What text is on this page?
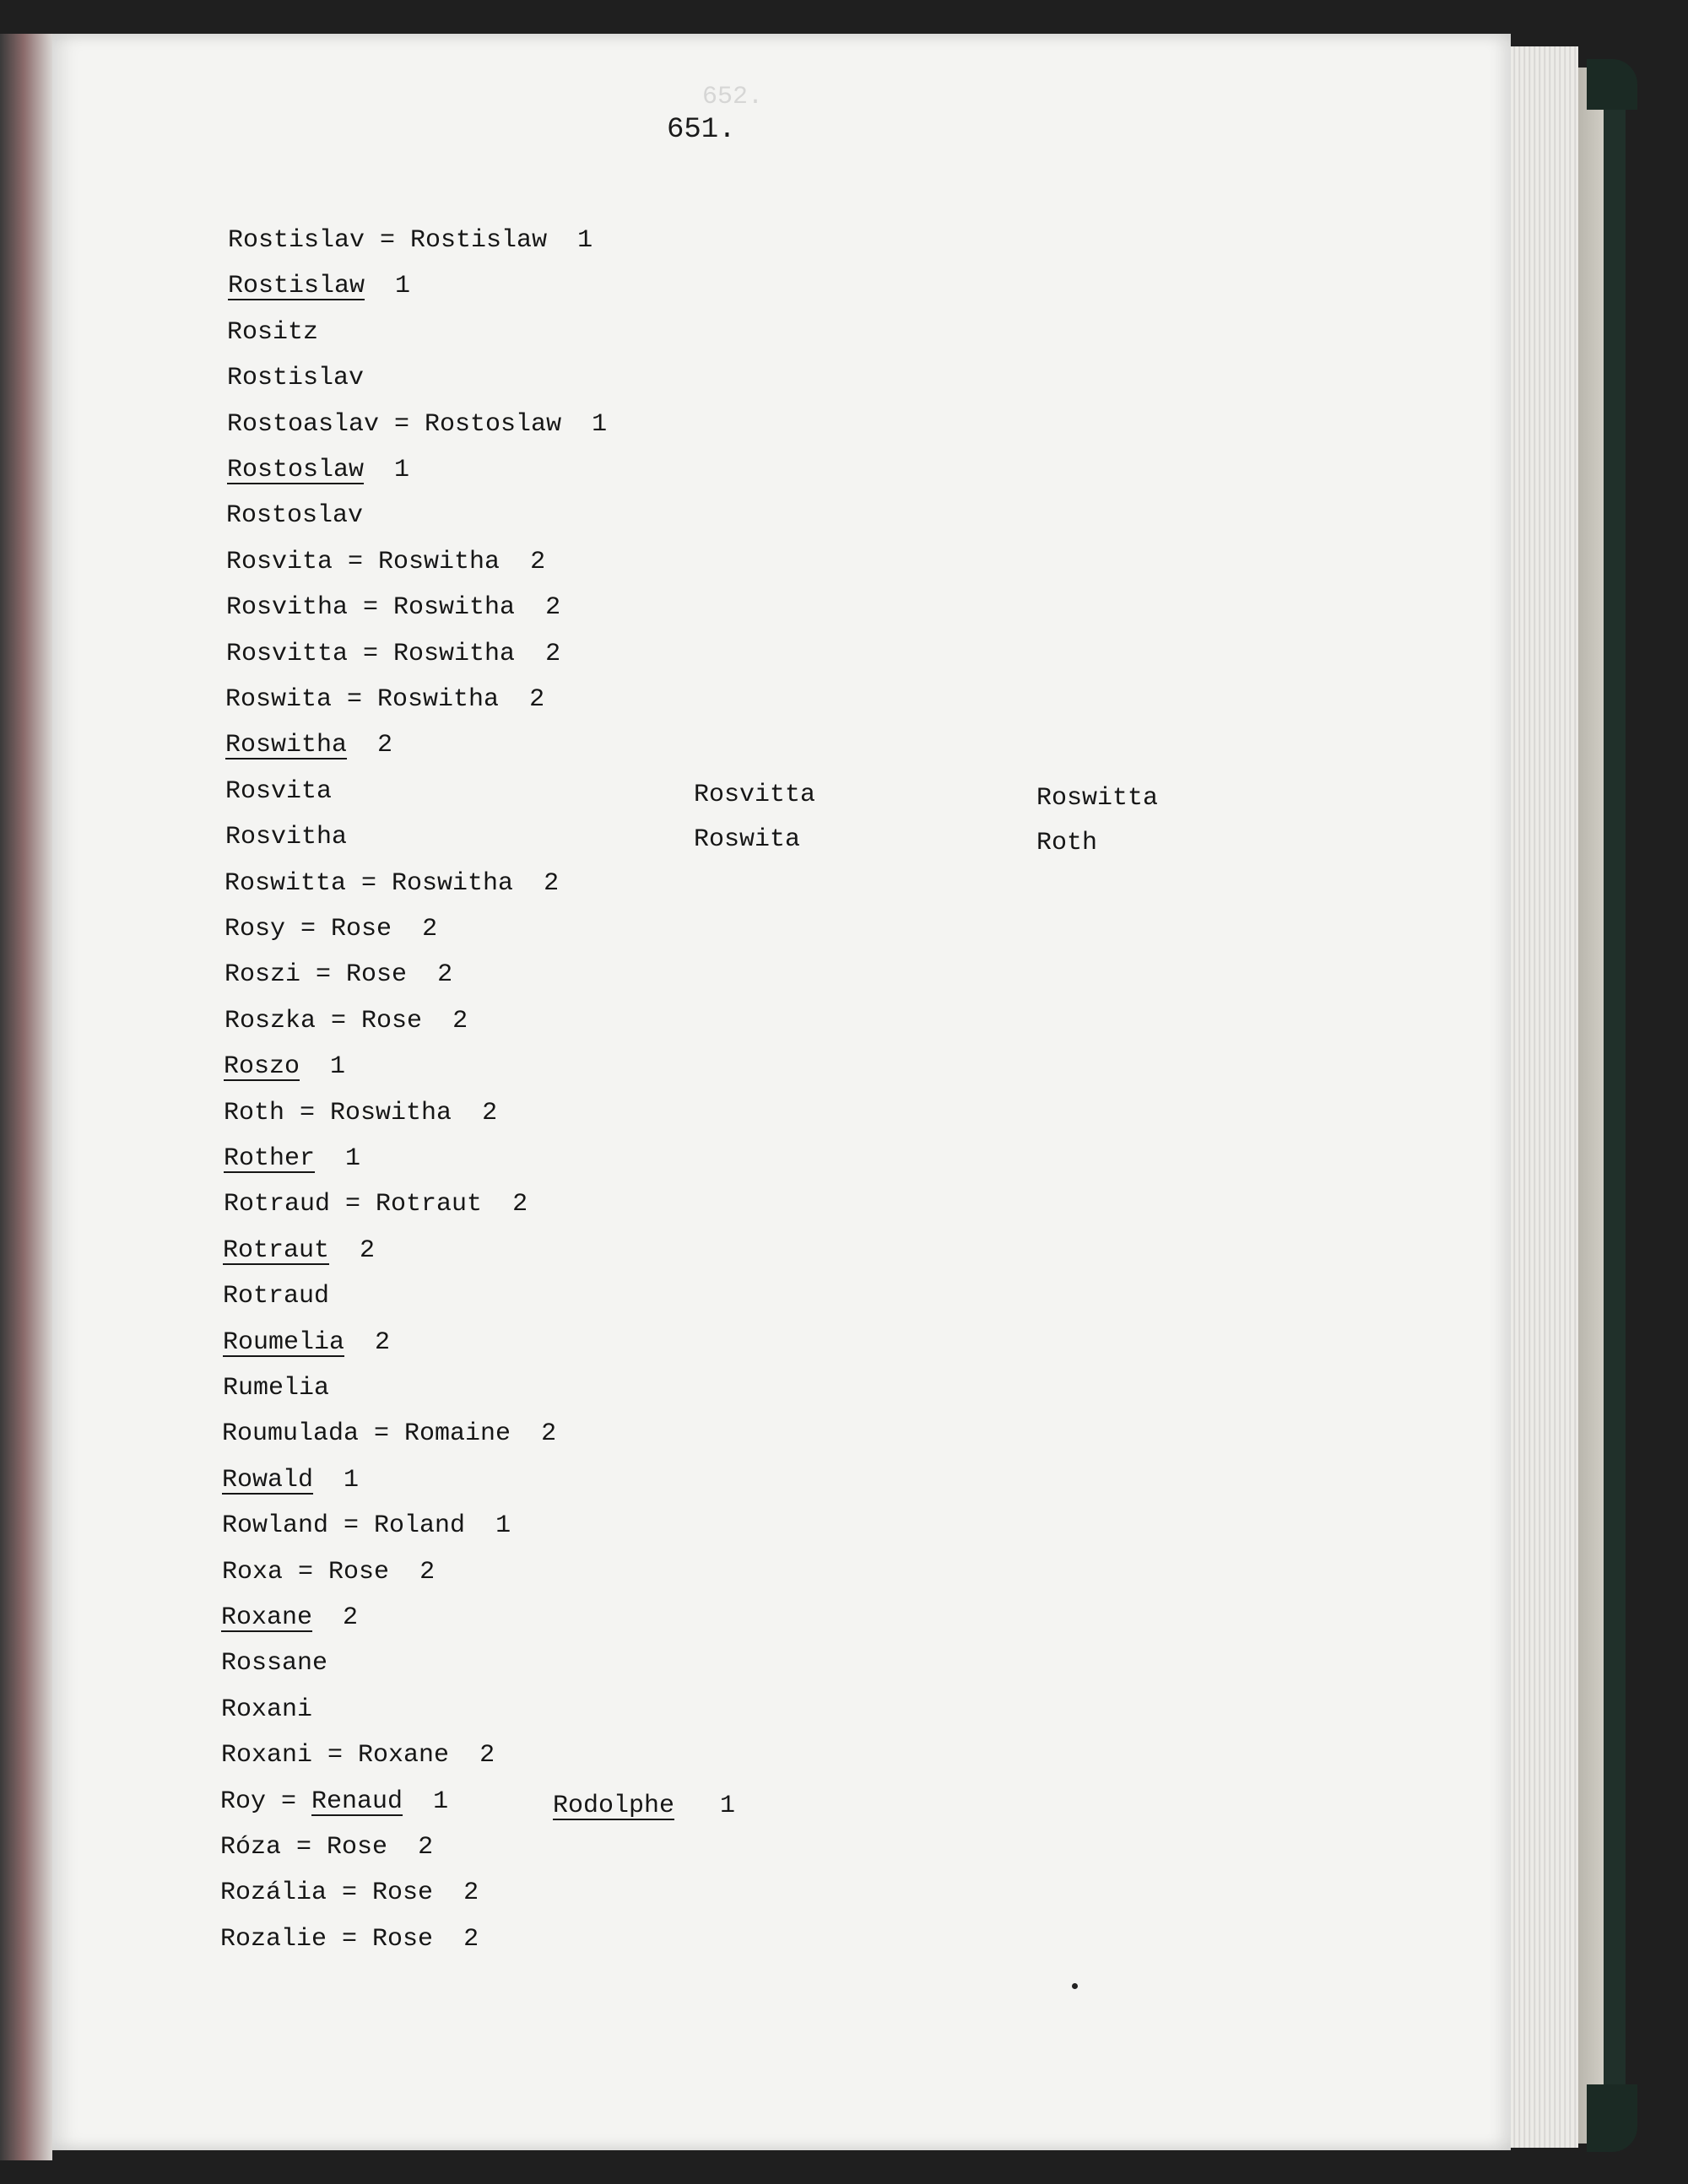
652.
651.
Rostislav = Rostislaw 1
Rostislaw 1
Rositz
Rostislav
Rostoaslav = Rostoslaw 1
Rostoslaw 1
Rostoslav
Rosvita = Roswitha 2
Rosvitha = Roswitha 2
Rosvitta = Roswitha 2
Roswita = Roswitha 2
Roswitha 2
Rosvita
Rosvitha
Roswitta = Roswitha 2
Rosy = Rose 2
Roszi = Rose 2
Roszka = Rose 2
Roszo 1
Roth = Roswitha 2
Rother 1
Rotraud = Rotraut 2
Rotraut 2
Rotraud
Roumelia 2
Rumelia
Roumulada = Romaine 2
Rowald 1
Rowland = Roland 1
Roxa = Rose 2
Roxane 2
Rossane
Roxani
Roxani = Roxane 2
Roy = Renaud 1
Róza = Rose 2
Rozália = Rose 2
Rozalie = Rose 2
Rosvitta	Roswitta
Roswita	Roth
Rodolphe 1
